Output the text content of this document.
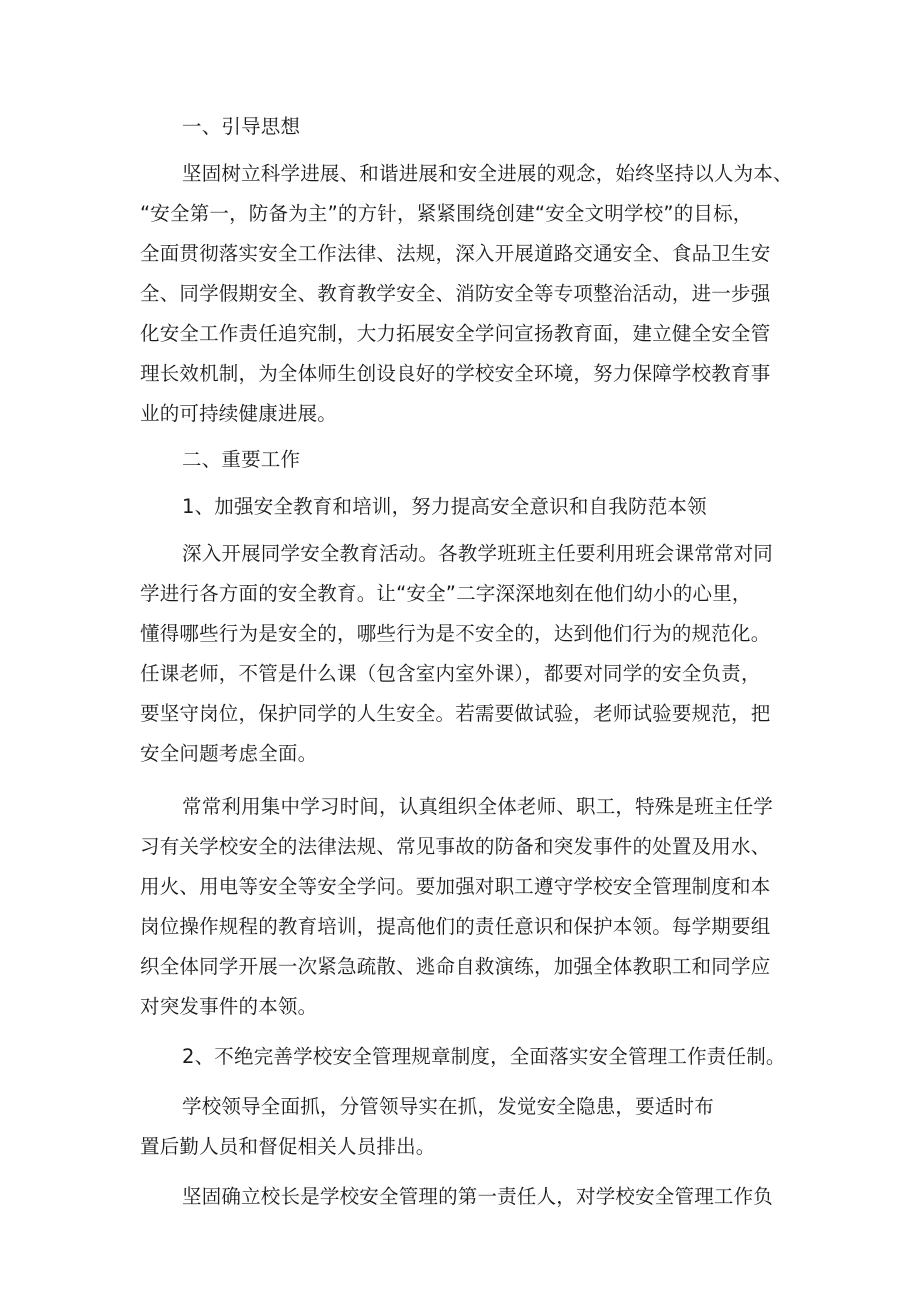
一、引导思想
坚固树立科学进展、和谐进展和安全进展的观念，始终坚持以人为本、
“安全第一，防备为主”的方针，紧紧围绕创建“安全文明学校”的目标，
全面贯彻落实安全工作法律、法规，深入开展道路交通安全、食品卫生安
全、同学假期安全、教育教学安全、消防安全等专项整治活动，进一步强
化安全工作责任追究制，大力拓展安全学问宣扬教育面，建立健全安全管
理长效机制，为全体师生创设良好的学校安全环境，努力保障学校教育事
业的可持续健康进展。
二、重要工作
1、加强安全教育和培训，努力提高安全意识和自我防范本领
深入开展同学安全教育活动。各教学班班主任要利用班会课常常对同
学进行各方面的安全教育。让“安全”二字深深地刻在他们幼小的心里，
懂得哪些行为是安全的，哪些行为是不安全的，达到他们行为的规范化。
任课老师，不管是什么课（包含室内室外课），都要对同学的安全负责，
要坚守岗位，保护同学的人生安全。若需要做试验，老师试验要规范，把
安全问题考虑全面。
常常利用集中学习时间，认真组织全体老师、职工，特殊是班主任学
习有关学校安全的法律法规、常见事故的防备和突发事件的处置及用水、
用火、用电等安全等安全学问。要加强对职工遵守学校安全管理制度和本
岗位操作规程的教育培训，提高他们的责任意识和保护本领。每学期要组
织全体同学开展一次紧急疏散、逃命自救演练，加强全体教职工和同学应
对突发事件的本领。
2、不绝完善学校安全管理规章制度，全面落实安全管理工作责任制。
学校领导全面抓，分管领导实在抓，发觉安全隐患，要适时布
置后勤人员和督促相关人员排出。
坚固确立校长是学校安全管理的第一责任人，对学校安全管理工作负
